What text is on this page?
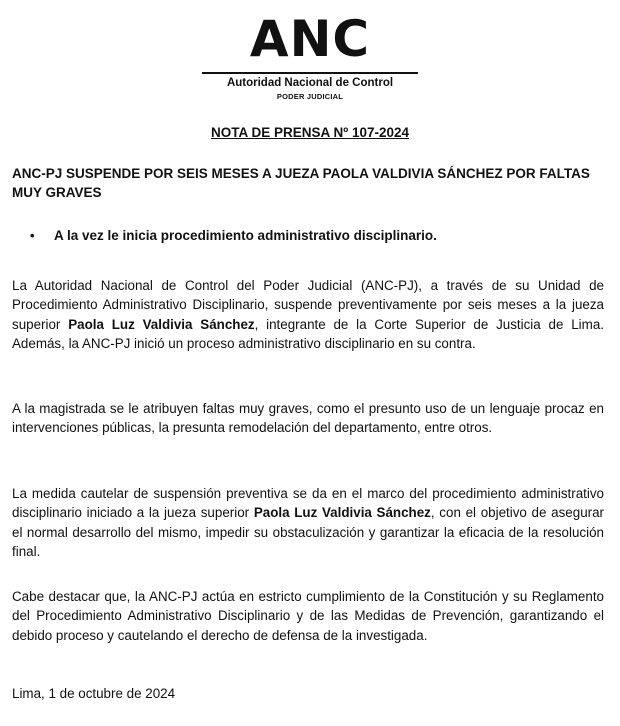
ANC
Autoridad Nacional de Control
PODER JUDICIAL
NOTA DE PRENSA Nº 107-2024
ANC-PJ SUSPENDE POR SEIS MESES A JUEZA PAOLA VALDIVIA SÁNCHEZ POR FALTAS MUY GRAVES
• A la vez le inicia procedimiento administrativo disciplinario.
La Autoridad Nacional de Control del Poder Judicial (ANC-PJ), a través de su Unidad de Procedimiento Administrativo Disciplinario, suspende preventivamente por seis meses a la jueza superior Paola Luz Valdivia Sánchez, integrante de la Corte Superior de Justicia de Lima. Además, la ANC-PJ inició un proceso administrativo disciplinario en su contra.
A la magistrada se le atribuyen faltas muy graves, como el presunto uso de un lenguaje procaz en intervenciones públicas, la presunta remodelación del departamento, entre otros.
La medida cautelar de suspensión preventiva se da en el marco del procedimiento administrativo disciplinario iniciado a la jueza superior Paola Luz Valdivia Sánchez, con el objetivo de asegurar el normal desarrollo del mismo, impedir su obstaculización y garantizar la eficacia de la resolución final.
Cabe destacar que, la ANC-PJ actúa en estricto cumplimiento de la Constitución y su Reglamento del Procedimiento Administrativo Disciplinario y de las Medidas de Prevención, garantizando el debido proceso y cautelando el derecho de defensa de la investigada.
Lima, 1 de octubre de 2024
